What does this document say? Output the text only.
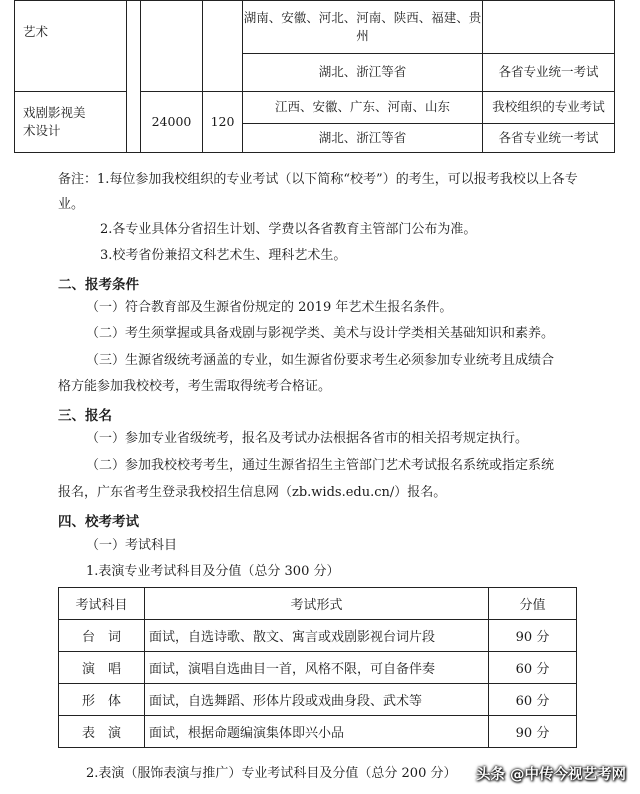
艺术				湖南、安徽、河北、河南、陕西、福建、贵
州	

				湖北、浙江等省	各省专业统一考试

戏剧影视美
术设计		24000	120	江西、安徽、广东、河南、山东	我校组织的专业考试
				湖北、浙江等省	各省专业统一考试
备注：1.每位参加我校组织的专业考试（以下简称“校考”）的考生，可以报考我校以上各专
业。
2.各专业具体分省招生计划、学费以各省教育主管部门公布为准。
3.校考省份兼招文科艺术生、理科艺术生。
二、报考条件
（一）符合教育部及生源省份规定的 2019 年艺术生报名条件。
（二）考生须掌握或具备戏剧与影视学类、美术与设计学类相关基础知识和素养。
（三）生源省级统考涵盖的专业，如生源省份要求考生必须参加专业统考且成绩合
格方能参加我校校考，考生需取得统考合格证。
三、报名
（一）参加专业省级统考，报名及考试办法根据各省市的相关招考规定执行。
（二）参加我校校考考生，通过生源省招生主管部门艺术考试报名系统或指定系统
报名，广东省考生登录我校招生信息网（zb.wids.edu.cn/）报名。
四、校考考试
（一）考试科目
1.表演专业考试科目及分值（总分 300 分）
考试科目	考试形式	分值
台　词	面试，自选诗歌、散文、寓言或戏剧影视台词片段	90 分
演　唱	面试，演唱自选曲目一首，风格不限，可自备伴奏	60 分
形　体	面试，自选舞蹈、形体片段或戏曲身段、武术等	60 分
表　演	面试，根据命题编演集体即兴小品	90 分
2.表演（服饰表演与推广）专业考试科目及分值（总分 200 分） 头条 @中传今视艺考网
